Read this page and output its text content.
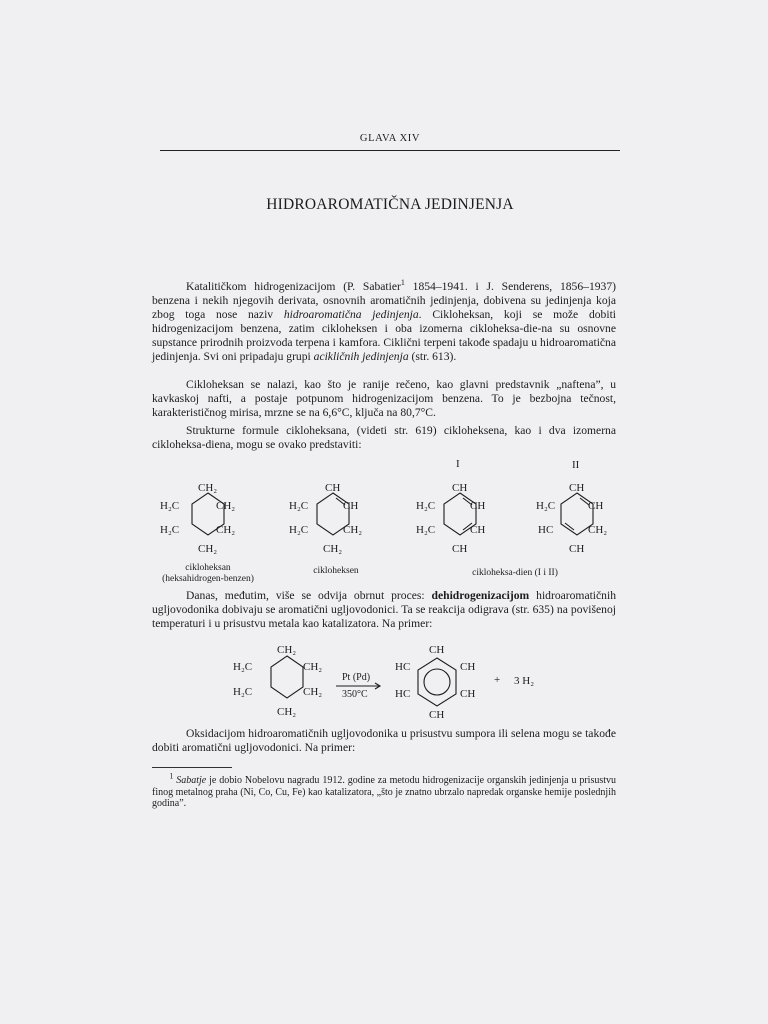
GLAVA XIV
HIDROAROMATIČNA JEDINJENJA

Katalitičkom hidrogenizacijom (P. Sabatier$^1$ 1854–1941. i J. Senderens, 1856–1937) benzena i nekih njegovih derivata, osnovnih aromatičnih jedinjenja, dobivena su jedinjenja koja zbog toga nose naziv hidroaromatična jedinjenja. Cikloheksan, koji se može dobiti hidrogenizacijom benzena, zatim cikloheksen i oba izomerna cikloheksa-die-na su osnovne supstance prirodnih proizvoda terpena i kamfora. Ciklični terpeni takođe spadaju u hidroaromatična jedinjenja. Svi oni pripadaju grupi acikličnih jedinjenja (str. 613).

Cikloheksan se nalazi, kao što je ranije rečeno, kao glavni predstavnik „naftena”, u kavkaskoj nafti, a postaje potpunom hidrogenizacijom benzena. To je bezbojna tečnost, karakterističnog mirisa, mrzne se na 6,6°C, ključa na 80,7°C.

Strukturne formule cikloheksana, (videti str. 619) cikloheksena, kao i dva izomerna cikloheksa-diena, mogu se ovako predstaviti:

I	II
CH₂
CH₂
H₂C	CH₂
H₂C	CH₂
CH
CH₂
H₂C	CH
H₂C	CH₂
CH
CH
H₂C	CH
H₂C	CH
CH
CH
H₂C	CH
HC	CH₂
CH₂
CH₂
H₂C	CH₂
H₂C	CH₂
Pt (Pd)
350°C
CH
CH
HC	CH
HC	CH
+ 3 H₂
cikloheksan
(heksahidrogen-benzen)
cikloheksen	cikloheksa-dien (I i II)

Danas, međutim, više se odvija obrnut proces: dehidrogenizacijom hidroaromatičnih ugljovodonika dobivaju se aromatični ugljovodonici. Ta se reakcija odigrava (str. 635) na povišenoj temperaturi i u prisustvu metala kao katalizatora. Na primer:

Oksidacijom hidroaromatičnih ugljovodonika u prisustvu sumpora ili selena mogu se takođe dobiti aromatični ugljovodonici. Na primer:

$^1$ Sabatje je dobio Nobelovu nagradu 1912. godine za metodu hidrogenizacije organskih jedinjenja u prisustvu finog metalnog praha (Ni, Co, Cu, Fe) kao katalizatora, „što je znatno ubrzalo napredak organske hemije poslednjih godina”.
